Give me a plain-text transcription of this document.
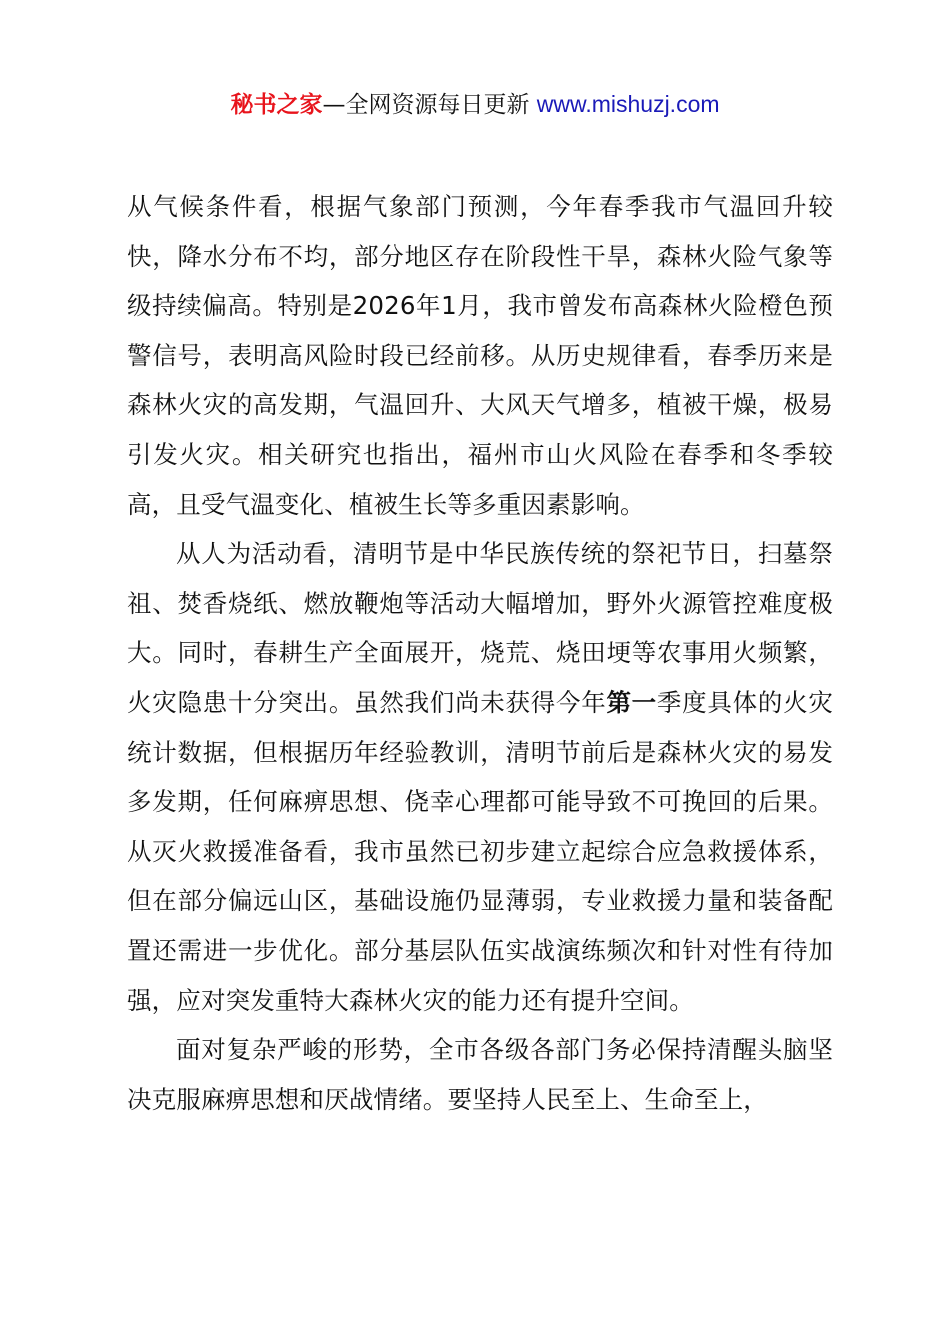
秘书之家—全网资源每日更新 www.mishuzj.com

从气候条件看，根据气象部门预测，今年春季我市气温回升较快，降水分布不均，部分地区存在阶段性干旱，森林火险气象等级持续偏高。特别是2026年1月，我市曾发布高森林火险橙色预警信号，表明高风险时段已经前移。从历史规律看，春季历来是森林火灾的高发期，气温回升、大风天气增多，植被干燥，极易引发火灾。相关研究也指出，福州市山火风险在春季和冬季较高，且受气温变化、植被生长等多重因素影响。

从人为活动看，清明节是中华民族传统的祭祀节日，扫墓祭祖、焚香烧纸、燃放鞭炮等活动大幅增加，野外火源管控难度极大。同时，春耕生产全面展开，烧荒、烧田埂等农事用火频繁，火灾隐患十分突出。虽然我们尚未获得今年第一季度具体的火灾统计数据，但根据历年经验教训，清明节前后是森林火灾的易发多发期，任何麻痹思想、侥幸心理都可能导致不可挽回的后果。从灭火救援准备看，我市虽然已初步建立起综合应急救援体系，但在部分偏远山区，基础设施仍显薄弱，专业救援力量和装备配置还需进一步优化。部分基层队伍实战演练频次和针对性有待加强，应对突发重特大森林火灾的能力还有提升空间。

面对复杂严峻的形势，全市各级各部门务必保持清醒头脑坚决克服麻痹思想和厌战情绪。要坚持人民至上、生命至上，
